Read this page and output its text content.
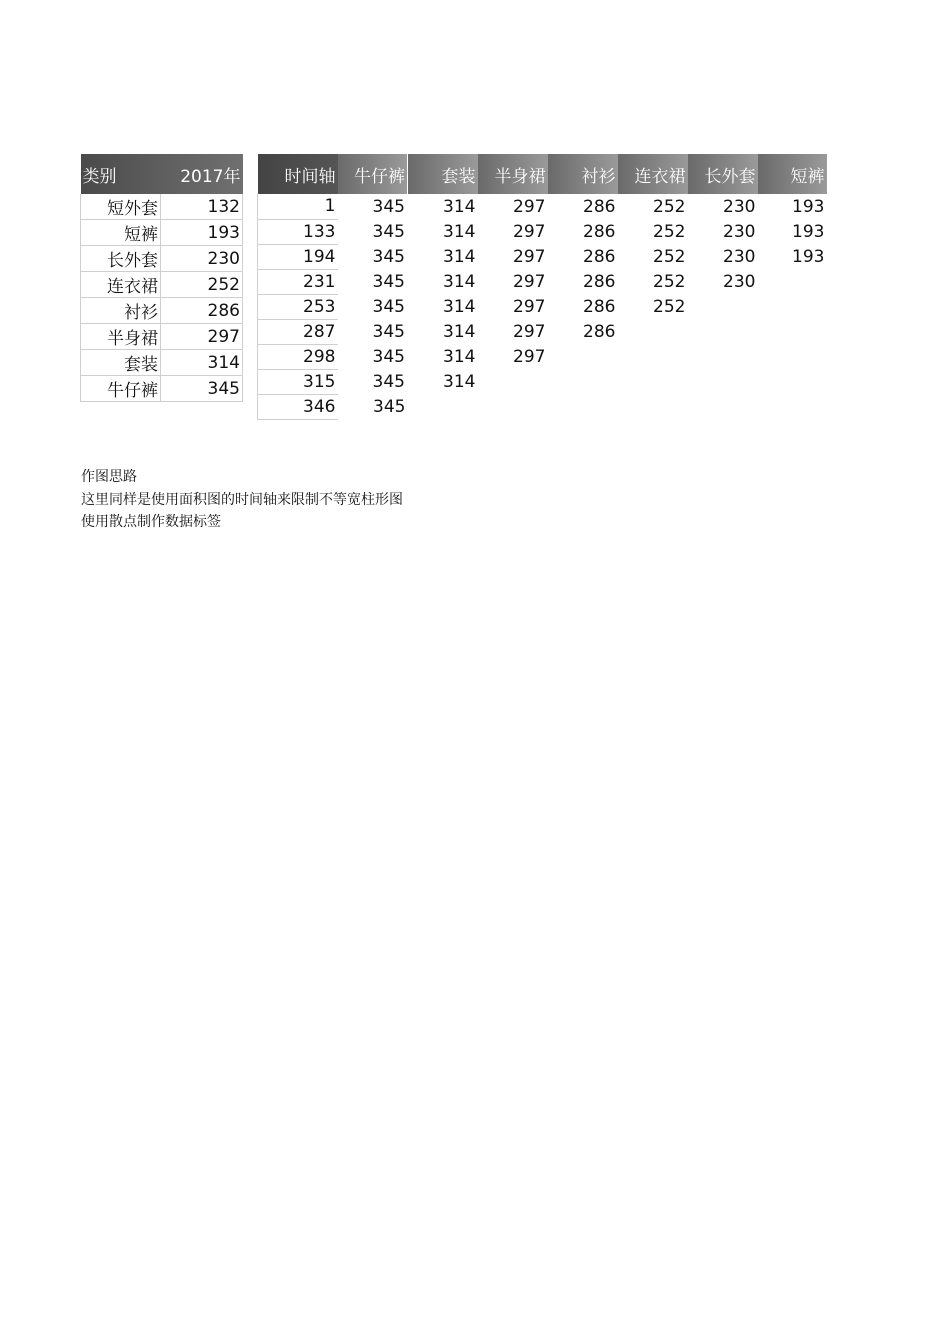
类别	2017年
短外套	132
短裤	193
长外套	230
连衣裙	252
衬衫	286
半身裙	297
套装	314
牛仔裤	345
时间轴	牛仔裤	套装	半身裙	衬衫	连衣裙	长外套	短裤
1	345	314	297	286	252	230	193
133	345	314	297	286	252	230	193
194	345	314	297	286	252	230	193
231	345	314	297	286	252	230	
253	345	314	297	286	252		
287	345	314	297	286			
298	345	314	297				
315	345	314					
346	345						
作图思路
这里同样是使用面积图的时间轴来限制不等宽柱形图
使用散点制作数据标签
